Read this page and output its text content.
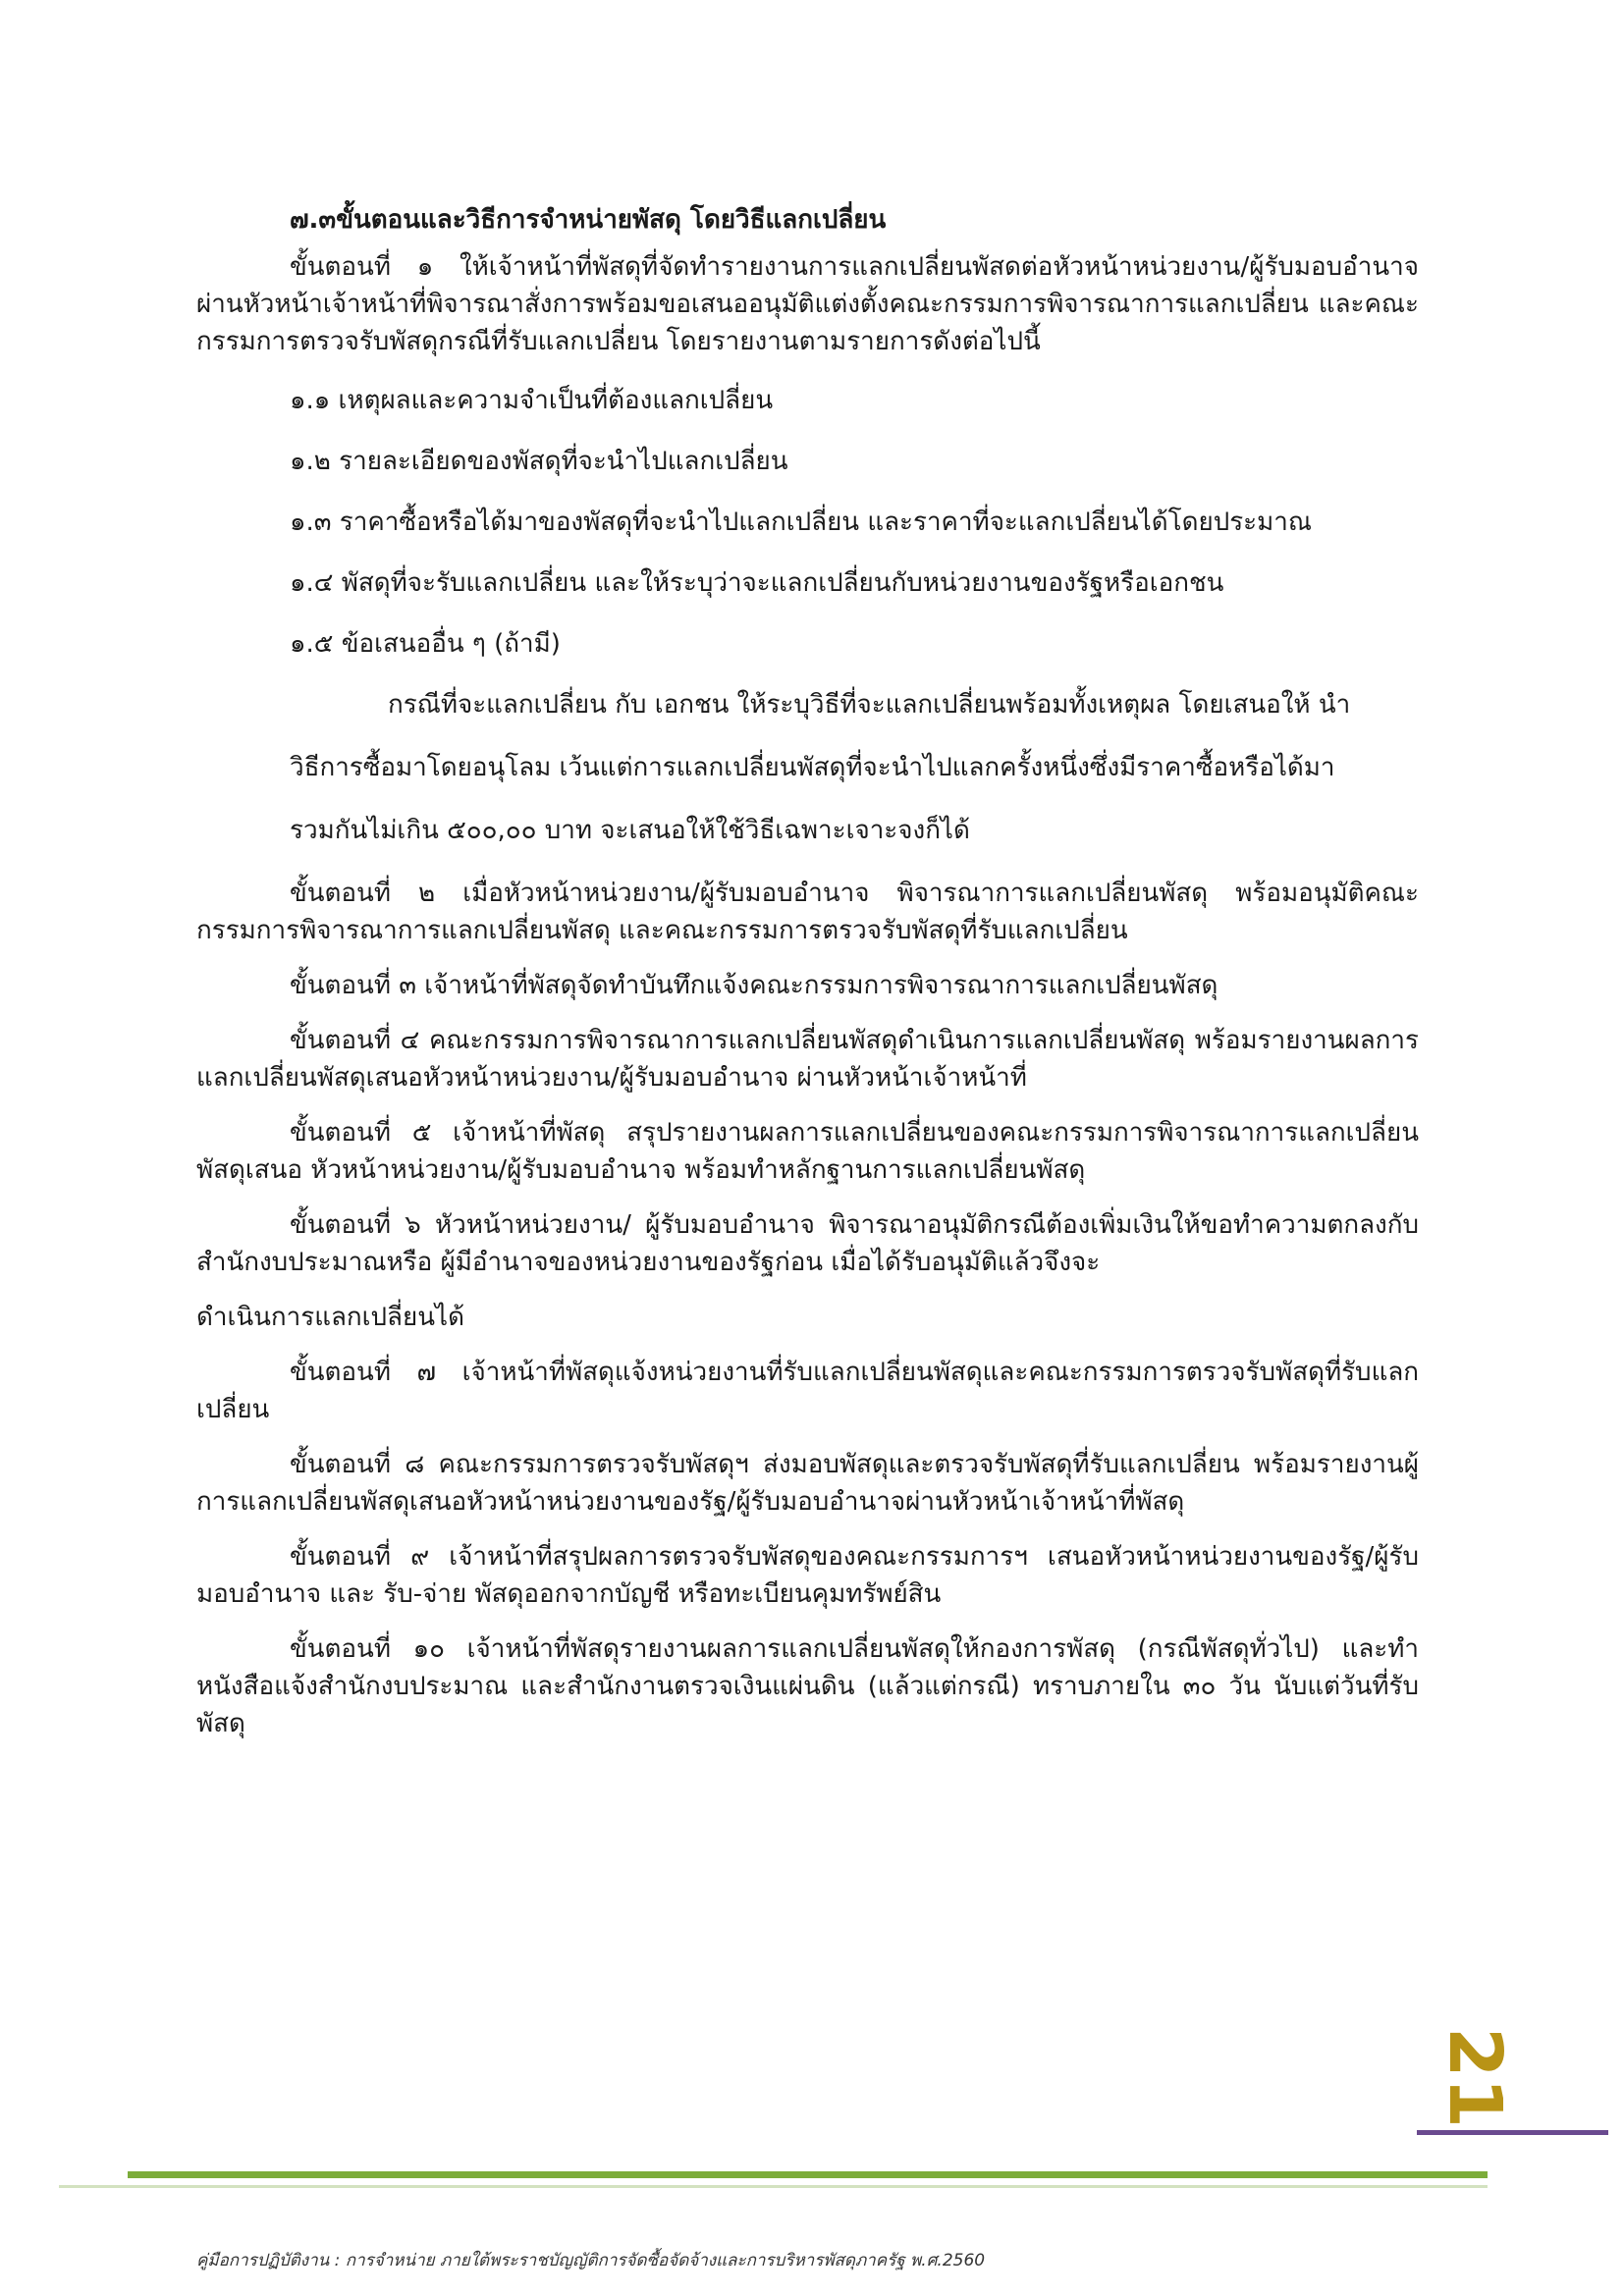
๗.๓ขั้นตอนและวิธีการจำหน่ายพัสดุ โดยวิธีแลกเปลี่ยน

ขั้นตอนที่ ๑ ให้เจ้าหน้าที่พัสดุที่จัดทำรายงานการแลกเปลี่ยนพัสดต่อหัวหน้าหน่วยงาน/ผู้รับมอบอำนาจผ่านหัวหน้าเจ้าหน้าที่พิจารณาสั่งการพร้อมขอเสนออนุมัติแต่งตั้งคณะกรรมการพิจารณาการแลกเปลี่ยน และคณะกรรมการตรวจรับพัสดุกรณีที่รับแลกเปลี่ยน โดยรายงานตามรายการดังต่อไปนี้

๑.๑ เหตุผลและความจำเป็นที่ต้องแลกเปลี่ยน

๑.๒ รายละเอียดของพัสดุที่จะนำไปแลกเปลี่ยน

๑.๓ ราคาซื้อหรือได้มาของพัสดุที่จะนำไปแลกเปลี่ยน และราคาที่จะแลกเปลี่ยนได้โดยประมาณ

๑.๔ พัสดุที่จะรับแลกเปลี่ยน และให้ระบุว่าจะแลกเปลี่ยนกับหน่วยงานของรัฐหรือเอกชน

๑.๕ ข้อเสนออื่น ๆ (ถ้ามี)

กรณีที่จะแลกเปลี่ยน กับ เอกชน ให้ระบุวิธีที่จะแลกเปลี่ยนพร้อมทั้งเหตุผล โดยเสนอให้ นำ

วิธีการซื้อมาโดยอนุโลม เว้นแต่การแลกเปลี่ยนพัสดุที่จะนำไปแลกครั้งหนึ่งซึ่งมีราคาซื้อหรือได้มา

รวมกันไม่เกิน ๕๐๐,๐๐ บาท จะเสนอให้ใช้วิธีเฉพาะเจาะจงก็ได้

ขั้นตอนที่ ๒ เมื่อหัวหน้าหน่วยงาน/ผู้รับมอบอำนาจ พิจารณาการแลกเปลี่ยนพัสดุ พร้อมอนุมัติคณะกรรมการพิจารณาการแลกเปลี่ยนพัสดุ และคณะกรรมการตรวจรับพัสดุที่รับแลกเปลี่ยน

ขั้นตอนที่ ๓ เจ้าหน้าที่พัสดุจัดทำบันทึกแจ้งคณะกรรมการพิจารณาการแลกเปลี่ยนพัสดุ

ขั้นตอนที่ ๔ คณะกรรมการพิจารณาการแลกเปลี่ยนพัสดุดำเนินการแลกเปลี่ยนพัสดุ พร้อมรายงานผลการแลกเปลี่ยนพัสดุเสนอหัวหน้าหน่วยงาน/ผู้รับมอบอำนาจ ผ่านหัวหน้าเจ้าหน้าที่

ขั้นตอนที่ ๕ เจ้าหน้าที่พัสดุ สรุปรายงานผลการแลกเปลี่ยนของคณะกรรมการพิจารณาการแลกเปลี่ยนพัสดุเสนอ หัวหน้าหน่วยงาน/ผู้รับมอบอำนาจ พร้อมทำหลักฐานการแลกเปลี่ยนพัสดุ

ขั้นตอนที่ ๖ หัวหน้าหน่วยงาน/ ผู้รับมอบอำนาจ พิจารณาอนุมัติกรณีต้องเพิ่มเงินให้ขอทำความตกลงกับสำนักงบประมาณหรือ ผู้มีอำนาจของหน่วยงานของรัฐก่อน เมื่อได้รับอนุมัติแล้วจึงจะ

ดำเนินการแลกเปลี่ยนได้

ขั้นตอนที่ ๗ เจ้าหน้าที่พัสดุแจ้งหน่วยงานที่รับแลกเปลี่ยนพัสดุและคณะกรรมการตรวจรับพัสดุที่รับแลกเปลี่ยน

ขั้นตอนที่ ๘ คณะกรรมการตรวจรับพัสดุฯ ส่งมอบพัสดุและตรวจรับพัสดุที่รับแลกเปลี่ยน พร้อมรายงานผู้การแลกเปลี่ยนพัสดุเสนอหัวหน้าหน่วยงานของรัฐ/ผู้รับมอบอำนาจผ่านหัวหน้าเจ้าหน้าที่พัสดุ

ขั้นตอนที่ ๙ เจ้าหน้าที่สรุปผลการตรวจรับพัสดุของคณะกรรมการฯ เสนอหัวหน้าหน่วยงานของรัฐ/ผู้รับมอบอำนาจ และ รับ-จ่าย พัสดุออกจากบัญชี หรือทะเบียนคุมทรัพย์สิน

ขั้นตอนที่ ๑๐ เจ้าหน้าที่พัสดุรายงานผลการแลกเปลี่ยนพัสดุให้กองการพัสดุ (กรณีพัสดุทั่วไป) และทำหนังสือแจ้งสำนักงบประมาณ และสำนักงานตรวจเงินแผ่นดิน (แล้วแต่กรณี) ทราบภายใน ๓๐ วัน นับแต่วันที่รับพัสดุ

21
คู่มือการปฏิบัติงาน : การจำหน่าย ภายใต้พระราชบัญญัติการจัดซื้อจัดจ้างและการบริหารพัสดุภาครัฐ พ.ศ.2560
